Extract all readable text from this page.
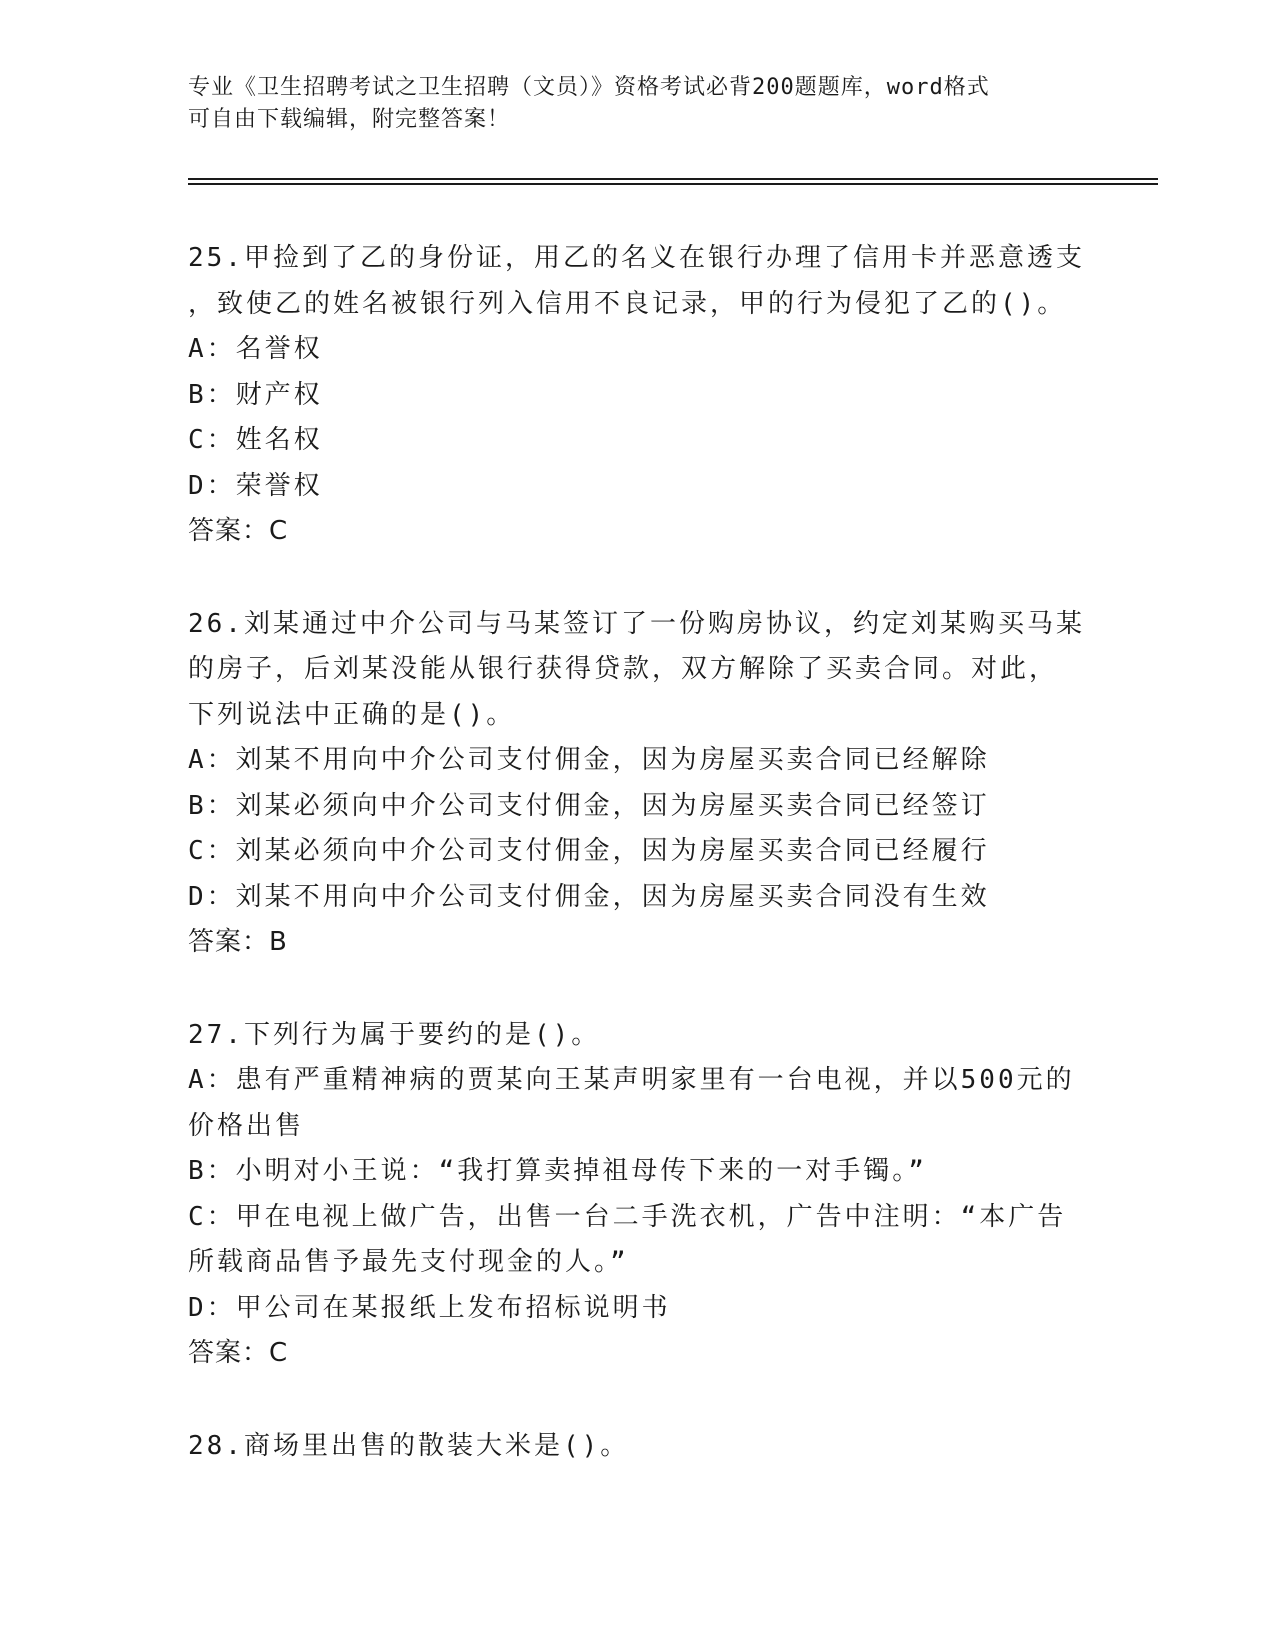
专业《卫生招聘考试之卫生招聘（文员）》资格考试必背200题题库，word格式
可自由下载编辑，附完整答案！
25.甲捡到了乙的身份证，用乙的名义在银行办理了信用卡并恶意透支
，致使乙的姓名被银行列入信用不良记录，甲的行为侵犯了乙的()。
A：名誉权
B：财产权
C：姓名权
D：荣誉权
答案：C
26.刘某通过中介公司与马某签订了一份购房协议，约定刘某购买马某
的房子，后刘某没能从银行获得贷款，双方解除了买卖合同。对此，
下列说法中正确的是()。
A：刘某不用向中介公司支付佣金，因为房屋买卖合同已经解除
B：刘某必须向中介公司支付佣金，因为房屋买卖合同已经签订
C：刘某必须向中介公司支付佣金，因为房屋买卖合同已经履行
D：刘某不用向中介公司支付佣金，因为房屋买卖合同没有生效
答案：B
27.下列行为属于要约的是()。
A：患有严重精神病的贾某向王某声明家里有一台电视，并以500元的
价格出售
B：小明对小王说：“我打算卖掉祖母传下来的一对手镯。”
C：甲在电视上做广告，出售一台二手洗衣机，广告中注明：“本广告
所载商品售予最先支付现金的人。”
D：甲公司在某报纸上发布招标说明书
答案：C
28.商场里出售的散装大米是()。
